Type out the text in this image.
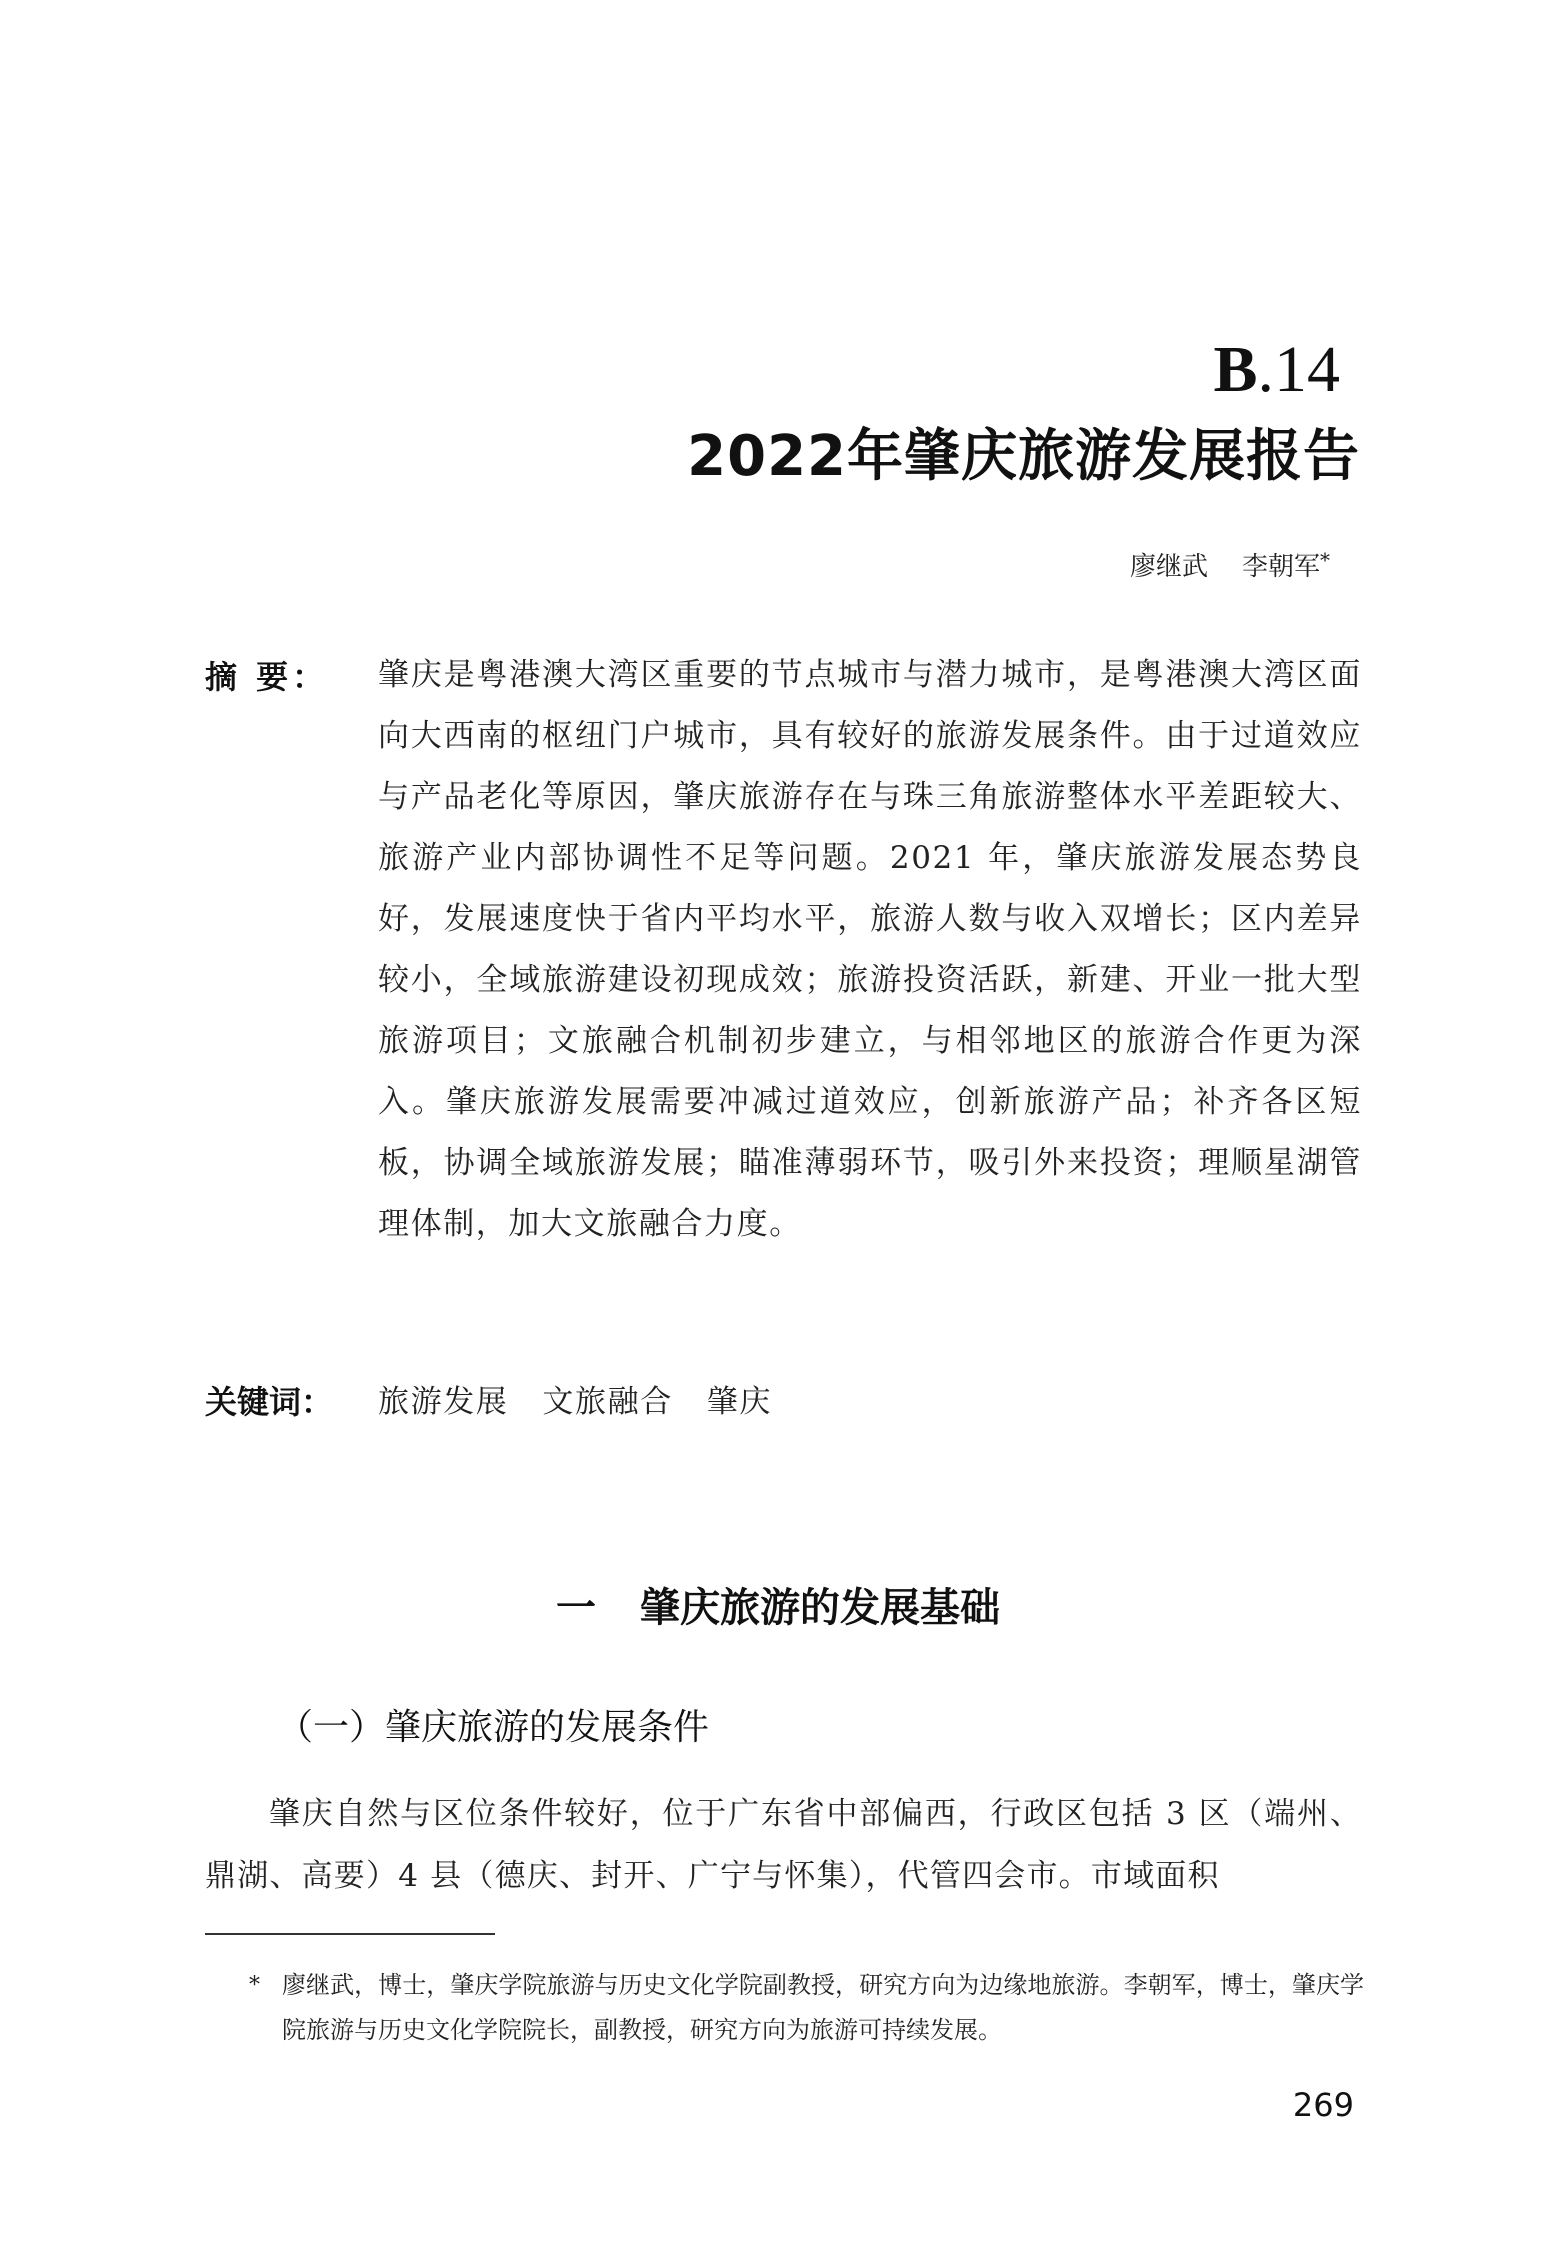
B.14
2022年肇庆旅游发展报告
廖继武 李朝军*
摘 要： 肇庆是粤港澳大湾区重要的节点城市与潜力城市，是粤港澳大湾区面向大西南的枢纽门户城市，具有较好的旅游发展条件。由于过道效应与产品老化等原因，肇庆旅游存在与珠三角旅游整体水平差距较大、旅游产业内部协调性不足等问题。2021 年，肇庆旅游发展态势良好，发展速度快于省内平均水平，旅游人数与收入双增长；区内差异较小，全域旅游建设初现成效；旅游投资活跃，新建、开业一批大型旅游项目；文旅融合机制初步建立，与相邻地区的旅游合作更为深入。肇庆旅游发展需要冲减过道效应，创新旅游产品；补齐各区短板，协调全域旅游发展；瞄准薄弱环节，吸引外来投资；理顺星湖管理体制，加大文旅融合力度。
关键词： 旅游发展 文旅融合 肇庆
一 肇庆旅游的发展基础
（一）肇庆旅游的发展条件
肇庆自然与区位条件较好，位于广东省中部偏西，行政区包括 3 区（端州、鼎湖、高要）4 县（德庆、封开、广宁与怀集），代管四会市。市域面积
* 廖继武，博士，肇庆学院旅游与历史文化学院副教授，研究方向为边缘地旅游。李朝军，博士，肇庆学院旅游与历史文化学院院长，副教授，研究方向为旅游可持续发展。
269
